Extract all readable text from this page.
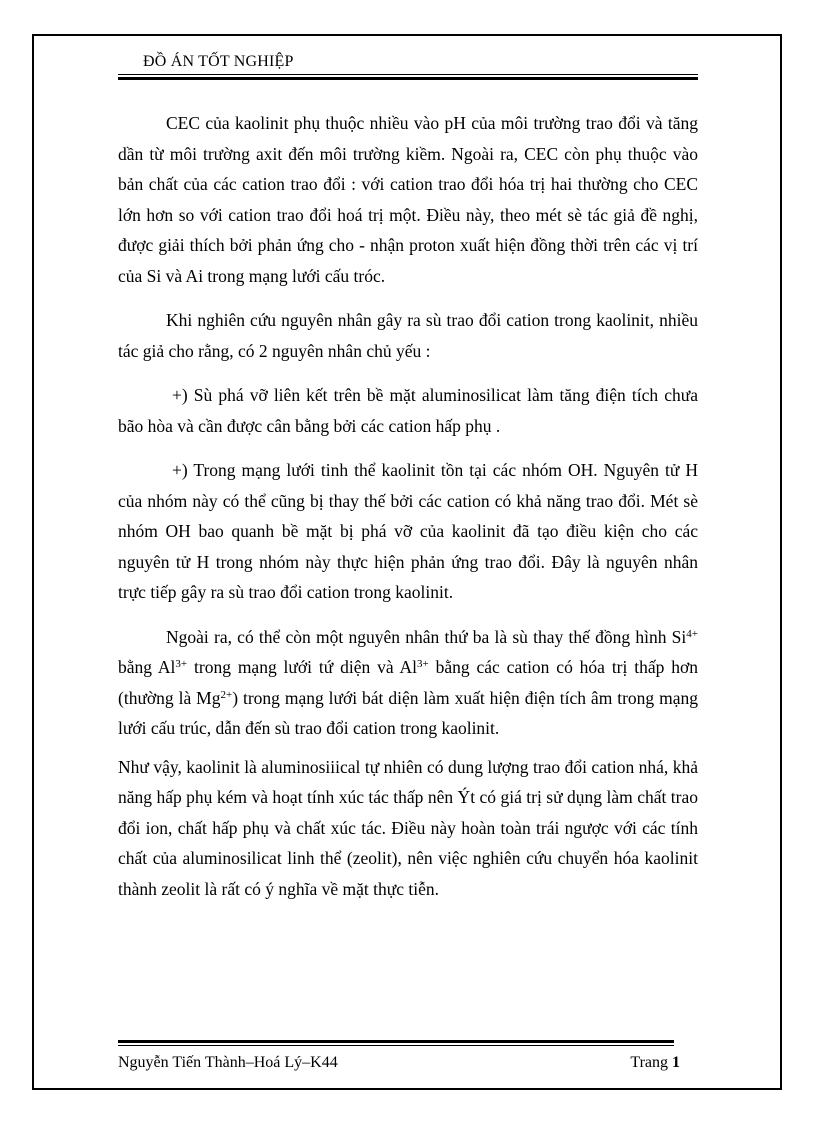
ĐỒ ÁN TỐT NGHIỆP

CEC của kaolinit phụ thuộc nhiều vào pH của môi trường trao đổi và tăng dần từ môi trường axit đến môi trường kiềm. Ngoài ra, CEC còn phụ thuộc vào bản chất của các cation trao đổi : với cation trao đổi hóa trị hai thường cho CEC lớn hơn so với cation trao đổi hoá trị một. Điều này, theo mét sè tác giả đề nghị, được giải thích bởi phản ứng cho - nhận proton xuất hiện đồng thời trên các vị trí của Si và Ai trong mạng lưới cấu tróc.

Khi nghiên cứu nguyên nhân gây ra sù trao đổi cation trong kaolinit, nhiều tác giả cho rằng, có 2 nguyên nhân chủ yếu :

+) Sù phá vỡ liên kết trên bề mặt aluminosilicat làm tăng điện tích chưa bão hòa và cần được cân bằng bởi các cation hấp phụ .

+) Trong mạng lưới tinh thể kaolinit tồn tại các nhóm OH. Nguyên tử H của nhóm này có thể cũng bị thay thế bởi các cation có khả năng trao đổi. Mét sè nhóm OH bao quanh bề mặt bị phá vỡ của kaolinit đã tạo điều kiện cho các nguyên tử H trong nhóm này thực hiện phản ứng trao đổi. Đây là nguyên nhân trực tiếp gây ra sù trao đổi cation trong kaolinit.

Ngoài ra, có thể còn một nguyên nhân thứ ba là sù thay thế đồng hình $Si^{4+}$ bằng $Al^{3+}$ trong mạng lưới tứ diện và $Al^{3+}$ bằng các cation có hóa trị thấp hơn (thường là $Mg^{2+}$) trong mạng lưới bát diện làm xuất hiện điện tích âm trong mạng lưới cấu trúc, dẫn đến sù trao đổi cation trong kaolinit.

Như vậy, kaolinit là aluminosiiical tự nhiên có dung lượng trao đổi cation nhá, khả năng hấp phụ kém và hoạt tính xúc tác thấp nên Ýt có giá trị sử dụng làm chất trao đổi ion, chất hấp phụ và chất xúc tác. Điều này hoàn toàn trái ngược với các tính chất của aluminosilicat linh thể (zeolit), nên việc nghiên cứu chuyển hóa kaolinit thành zeolit là rất có ý nghĩa về mặt thực tiễn.

Nguyễn Tiến Thành–Hoá Lý–K44	Trang 1
